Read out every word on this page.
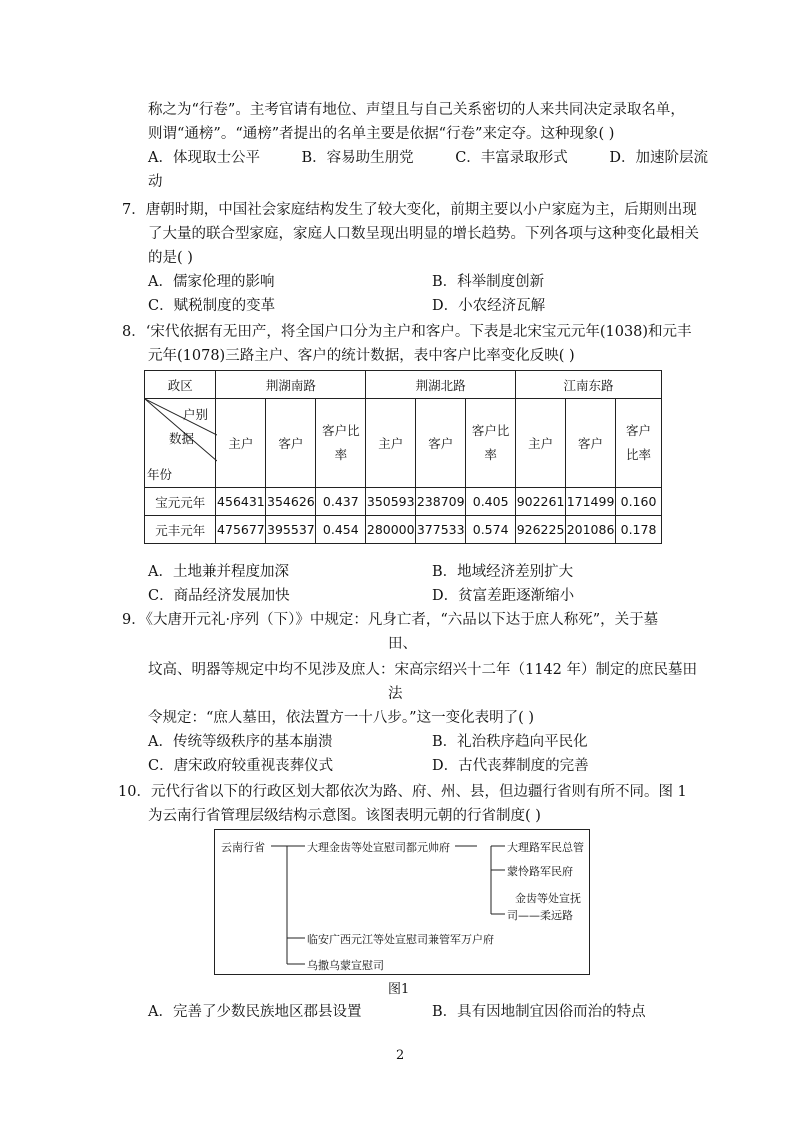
称之为“行卷”。主考官请有地位、声望且与自己关系密切的人来共同决定录取名单，
则谓“通榜”。“通榜”者提出的名单主要是依据“行卷”来定夺。这种现象( )
A．体现取士公平	B．容易助生朋党	C．丰富录取形式	D．加速阶层流
动
7．唐朝时期，中国社会家庭结构发生了较大变化，前期主要以小户家庭为主，后期则出现
了大量的联合型家庭，家庭人口数呈现出明显的增长趋势。下列各项与这种变化最相关
的是( )
A．儒家伦理的影响	B．科举制度创新
C．赋税制度的变革	D．小农经济瓦解
8．‘宋代依据有无田产，将全国户口分为主户和客户。下表是北宋宝元元年(1038)和元丰
元年(1078)三路主户、客户的统计数据，表中客户比率变化反映( )
政区	荆湖南路			荆湖北路			江南东路		

户别
数据
年份	主户	客户	客户比率	主户	客户	客户比率	主户	客户	客户比率
宝元元年	456431	354626	0.437	350593	238709	0.405	902261	171499	0.160
元丰元年	475677	395537	0.454	280000	377533	0.574	926225	201086	0.178
A．土地兼并程度加深	B．地域经济差别扩大
C．商品经济发展加快	D．贫富差距逐渐缩小
9．《大唐开元礼·序列（下）》中规定：凡身亡者，“六品以下达于庶人称死”，关于墓
田、
坟高、明器等规定中均不见涉及庶人：宋高宗绍兴十二年（1142 年）制定的庶民墓田
法
令规定：“庶人墓田，依法置方一十八步。”这一变化表明了( )
A．传统等级秩序的基本崩溃	B．礼治秩序趋向平民化
C．唐宋政府较重视丧葬仪式	D．古代丧葬制度的完善
10．元代行省以下的行政区划大都依次为路、府、州、县，但边疆行省则有所不同。图 1
为云南行省管理层级结构示意图。该图表明元朝的行省制度( )
云南行省	大理金齿等处宣慰司都元帅府	大理路军民总管
蒙怜路军民府
金齿等处宣抚
司——柔远路
临安广西元江等处宣慰司兼管军万户府
乌撒乌蒙宣慰司
图1
A．完善了少数民族地区郡县设置	B．具有因地制宜因俗而治的特点
2
